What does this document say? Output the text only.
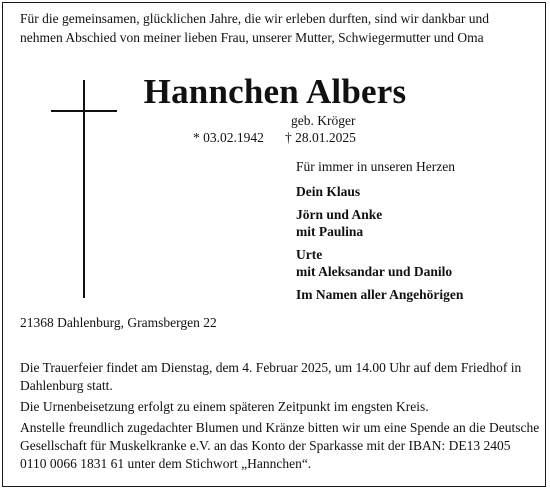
Für die gemeinsamen, glücklichen Jahre, die wir erleben durften, sind wir dankbar und nehmen Abschied von meiner lieben Frau, unserer Mutter, Schwiegermutter und Oma
Hannchen Albers
geb. Kröger
* 03.02.1942 † 28.01.2025
Für immer in unseren Herzen
Dein Klaus
Jörn und Anke
mit Paulina
Urte
mit Aleksandar und Danilo
Im Namen aller Angehörigen
21368 Dahlenburg, Gramsbergen 22
Die Trauerfeier findet am Dienstag, dem 4. Februar 2025, um 14.00 Uhr auf dem Friedhof in Dahlenburg statt.
Die Urnenbeisetzung erfolgt zu einem späteren Zeitpunkt im engsten Kreis.
Anstelle freundlich zugedachter Blumen und Kränze bitten wir um eine Spende an die Deutsche Gesellschaft für Muskelkranke e.V. an das Konto der Sparkasse mit der IBAN: DE13 2405 0110 0066 1831 61 unter dem Stichwort „Hannchen“.
